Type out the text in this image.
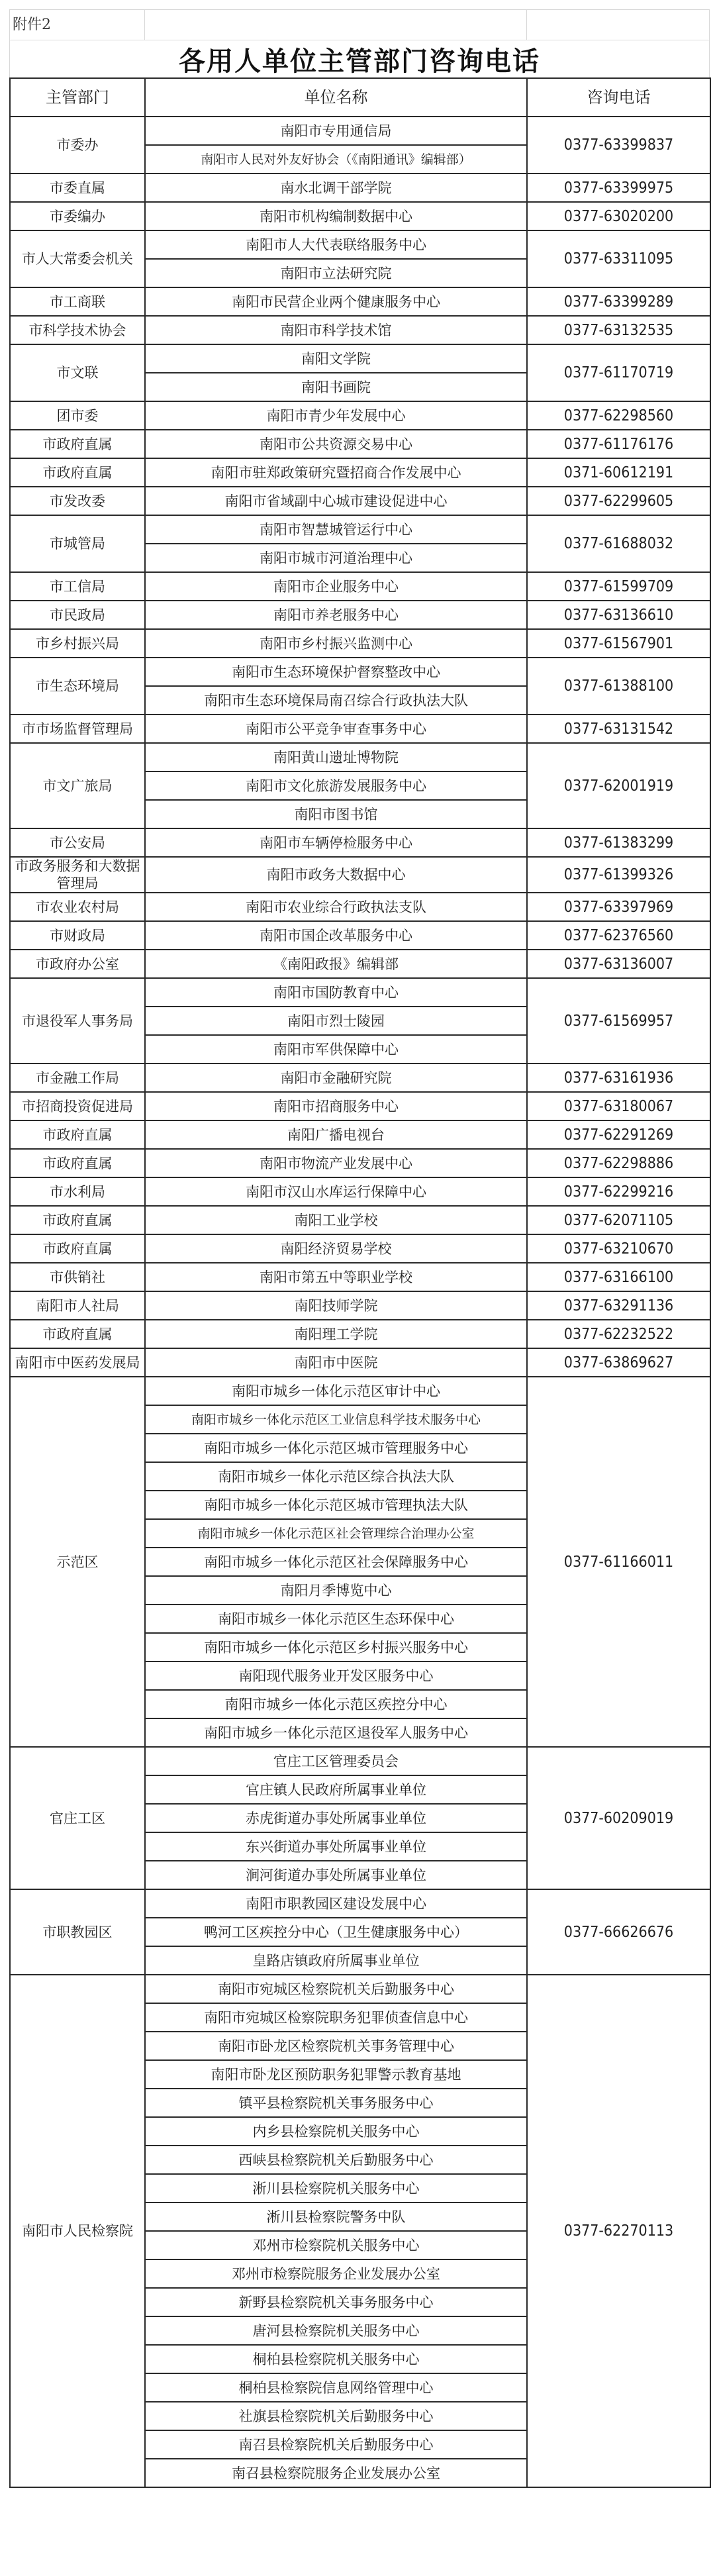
附件2
各用人单位主管部门咨询电话
主管部门	单位名称	咨询电话
市委办	南阳市专用通信局	0377-63399837
	南阳市人民对外友好协会（《南阳通讯》编辑部）	
市委直属	南水北调干部学院	0377-63399975
市委编办	南阳市机构编制数据中心	0377-63020200
市人大常委会机关	南阳市人大代表联络服务中心	0377-63311095
	南阳市立法研究院	
市工商联	南阳市民营企业两个健康服务中心	0377-63399289
市科学技术协会	南阳市科学技术馆	0377-63132535
市文联	南阳文学院	0377-61170719
	南阳书画院	
团市委	南阳市青少年发展中心	0377-62298560
市政府直属	南阳市公共资源交易中心	0377-61176176
市政府直属	南阳市驻郑政策研究暨招商合作发展中心	0371-60612191
市发改委	南阳市省域副中心城市建设促进中心	0377-62299605
市城管局	南阳市智慧城管运行中心	0377-61688032
	南阳市城市河道治理中心	
市工信局	南阳市企业服务中心	0377-61599709
市民政局	南阳市养老服务中心	0377-63136610
市乡村振兴局	南阳市乡村振兴监测中心	0377-61567901
市生态环境局	南阳市生态环境保护督察整改中心	0377-61388100
	南阳市生态环境保局南召综合行政执法大队	
市市场监督管理局	南阳市公平竞争审查事务中心	0377-63131542
市文广旅局	南阳黄山遗址博物院	0377-62001919
	南阳市文化旅游发展服务中心	
	南阳市图书馆	
市公安局	南阳市车辆停检服务中心	0377-61383299
市政务服务和大数据管理局	南阳市政务大数据中心	0377-61399326
市农业农村局	南阳市农业综合行政执法支队	0377-63397969
市财政局	南阳市国企改革服务中心	0377-62376560
市政府办公室	《南阳政报》编辑部	0377-63136007
市退役军人事务局	南阳市国防教育中心	0377-61569957
	南阳市烈士陵园	
	南阳市军供保障中心	
市金融工作局	南阳市金融研究院	0377-63161936
市招商投资促进局	南阳市招商服务中心	0377-63180067
市政府直属	南阳广播电视台	0377-62291269
市政府直属	南阳市物流产业发展中心	0377-62298886
市水利局	南阳市汉山水库运行保障中心	0377-62299216
市政府直属	南阳工业学校	0377-62071105
市政府直属	南阳经济贸易学校	0377-63210670
市供销社	南阳市第五中等职业学校	0377-63166100
南阳市人社局	南阳技师学院	0377-63291136
市政府直属	南阳理工学院	0377-62232522
南阳市中医药发展局	南阳市中医院	0377-63869627
示范区	南阳市城乡一体化示范区审计中心	0377-61166011
	南阳市城乡一体化示范区工业信息科学技术服务中心	
	南阳市城乡一体化示范区城市管理服务中心	
	南阳市城乡一体化示范区综合执法大队	
	南阳市城乡一体化示范区城市管理执法大队	
	南阳市城乡一体化示范区社会管理综合治理办公室	
	南阳市城乡一体化示范区社会保障服务中心	
	南阳月季博览中心	
	南阳市城乡一体化示范区生态环保中心	
	南阳市城乡一体化示范区乡村振兴服务中心	
	南阳现代服务业开发区服务中心	
	南阳市城乡一体化示范区疾控分中心	
	南阳市城乡一体化示范区退役军人服务中心	
官庄工区	官庄工区管理委员会	0377-60209019
	官庄镇人民政府所属事业单位	
	赤虎街道办事处所属事业单位	
	东兴街道办事处所属事业单位	
	涧河街道办事处所属事业单位	
市职教园区	南阳市职教园区建设发展中心	0377-66626676
	鸭河工区疾控分中心（卫生健康服务中心）	
	皇路店镇政府所属事业单位	
南阳市人民检察院	南阳市宛城区检察院机关后勤服务中心	0377-62270113
	南阳市宛城区检察院职务犯罪侦查信息中心	
	南阳市卧龙区检察院机关事务管理中心	
	南阳市卧龙区预防职务犯罪警示教育基地	
	镇平县检察院机关事务服务中心	
	内乡县检察院机关服务中心	
	西峡县检察院机关后勤服务中心	
	淅川县检察院机关服务中心	
	淅川县检察院警务中队	
	邓州市检察院机关服务中心	
	邓州市检察院服务企业发展办公室	
	新野县检察院机关事务服务中心	
	唐河县检察院机关服务中心	
	桐柏县检察院机关服务中心	
	桐柏县检察院信息网络管理中心	
	社旗县检察院机关后勤服务中心	
	南召县检察院机关后勤服务中心	
	南召县检察院服务企业发展办公室	
